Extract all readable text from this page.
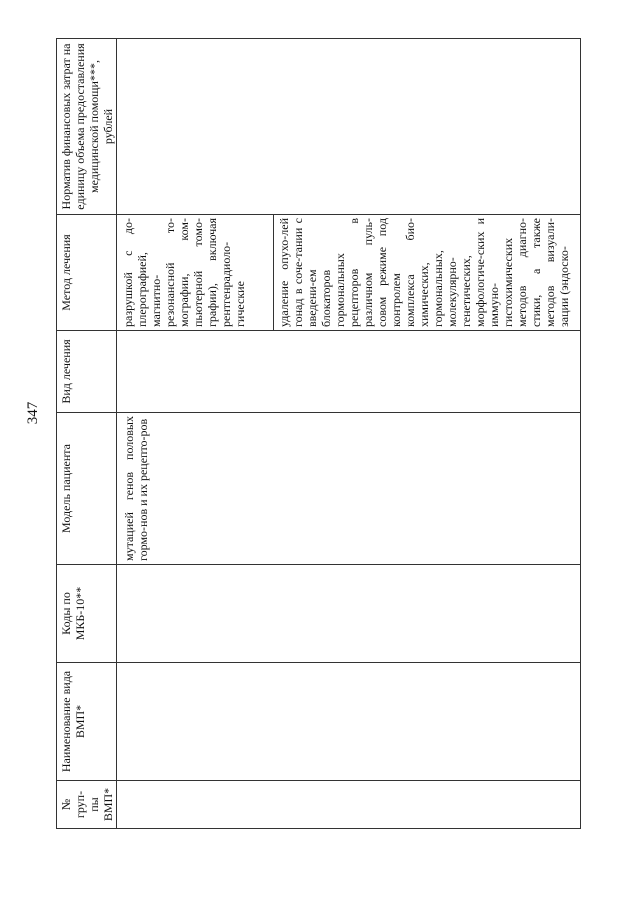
347
№ груп-пы ВМП*	Наименование вида ВМП*	Коды по МКБ-10**	Модель пациента	Вид лечения	Метод лечения	Норматив финансовых затрат на единицу объема предоставления медицинской помощи***, рублей
			мутацией генов половых гормо-нов и их рецепто-ров		разрушкой с до-плерографией, магнитно-резонансной то-мографии, ком-пьютерной томо-графии), включая рентгенрадиоло-гические удаление опухо-лей гонад в соче-тании с введени-ем блокаторов гормональных рецепторов в различном пуль-совом режиме под контролем комплекса био-химических, гормональных, молекулярно-генетических, морфологиче-ских и иммуно-гистохимических методов диагно-стики, а также методов визуали-зации (эндоско-	
